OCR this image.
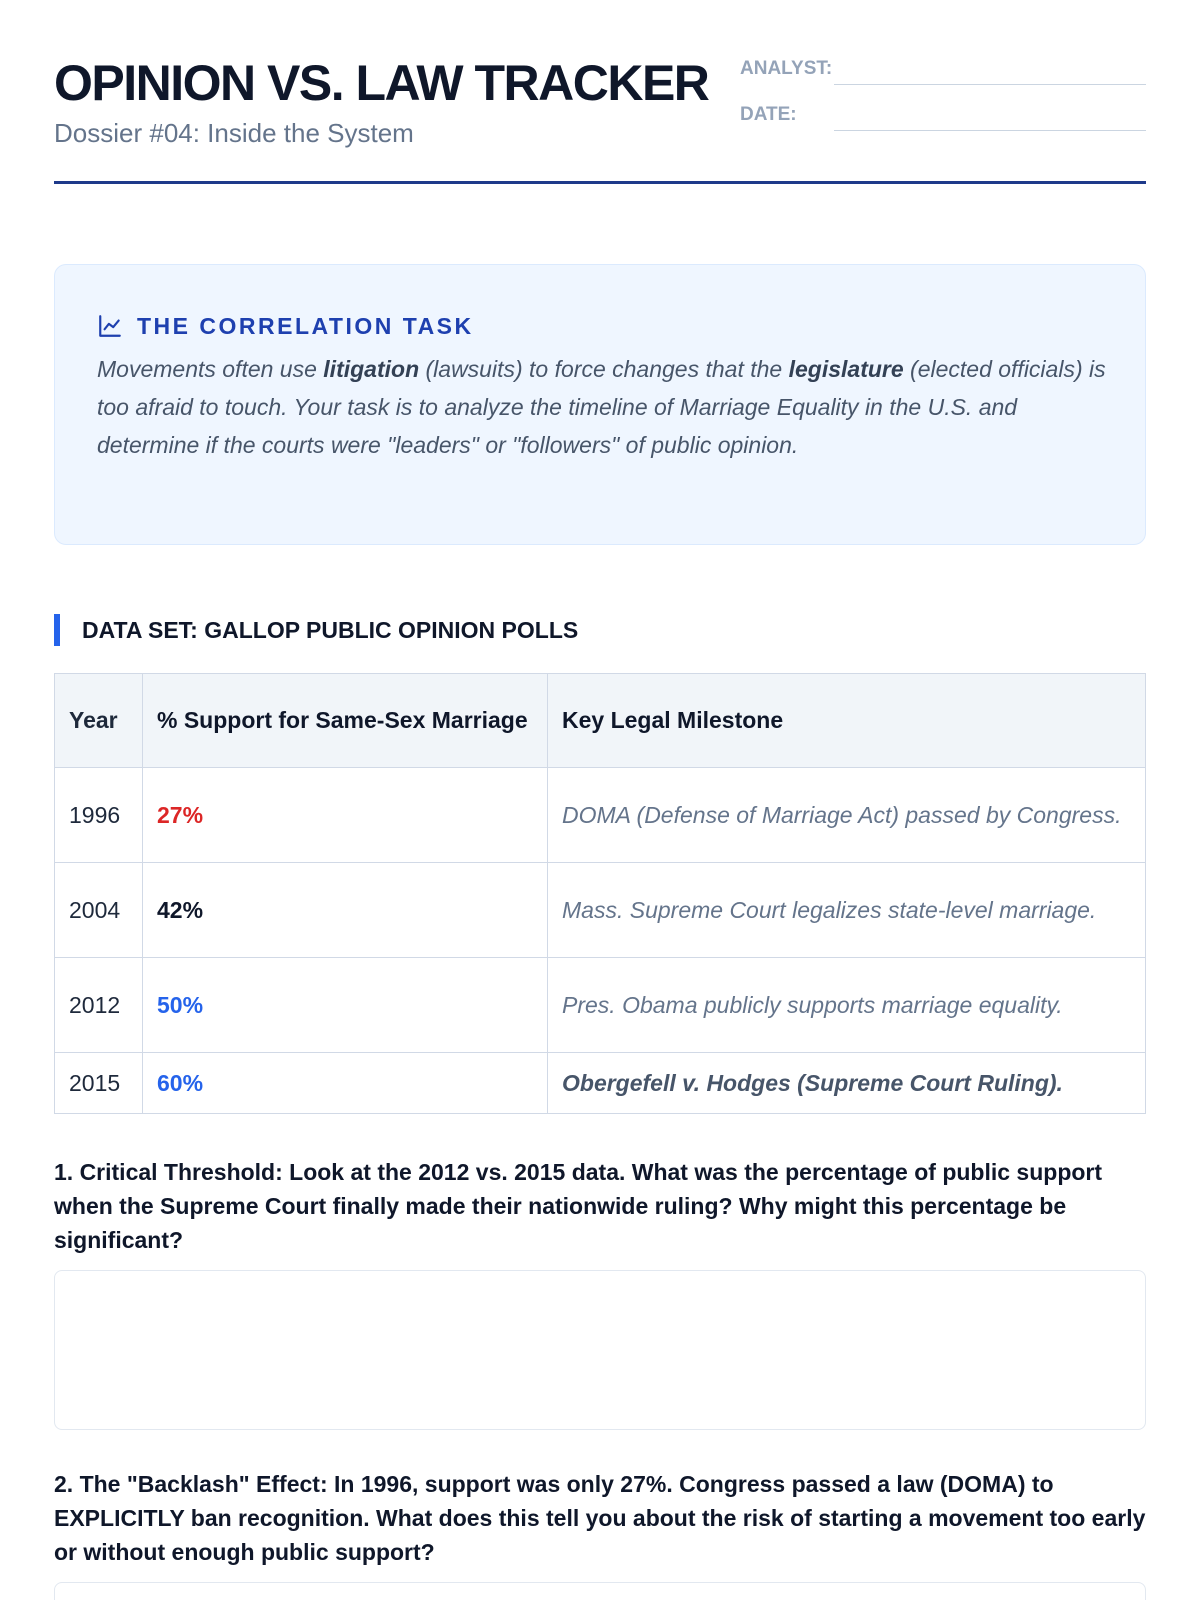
OPINION VS. LAW TRACKER
Dossier #04: Inside the System
ANALYST:
DATE:
THE CORRELATION TASK
Movements often use litigation (lawsuits) to force changes that the legislature (elected officials) is too afraid to touch. Your task is to analyze the timeline of Marriage Equality in the U.S. and determine if the courts were "leaders" or "followers" of public opinion.
DATA SET: GALLOP PUBLIC OPINION POLLS
Year	% Support for Same-Sex Marriage	Key Legal Milestone
1996	27%	DOMA (Defense of Marriage Act) passed by Congress.
2004	42%	Mass. Supreme Court legalizes state-level marriage.
2012	50%	Pres. Obama publicly supports marriage equality.
2015	60%	Obergefell v. Hodges (Supreme Court Ruling).
1. Critical Threshold: Look at the 2012 vs. 2015 data. What was the percentage of public support when the Supreme Court finally made their nationwide ruling? Why might this percentage be significant?
2. The "Backlash" Effect: In 1996, support was only 27%. Congress passed a law (DOMA) to EXPLICITLY ban recognition. What does this tell you about the risk of starting a movement too early or without enough public support?
